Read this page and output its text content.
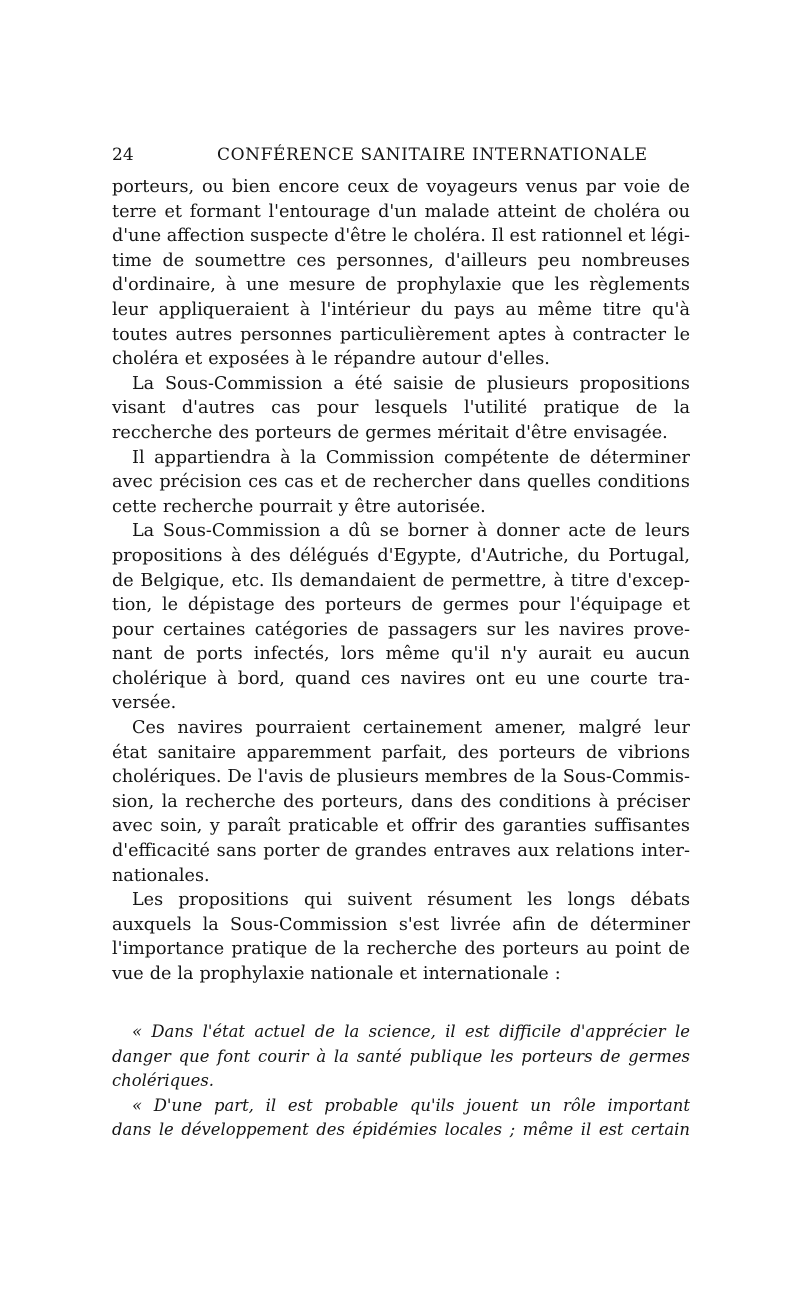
24	CONFÉRENCE SANITAIRE INTERNATIONALE
porteurs, ou bien encore ceux de voyageurs venus par voie de
terre et formant l'entourage d'un malade atteint de choléra ou
d'une affection suspecte d'être le choléra. Il est rationnel et légi-
time de soumettre ces personnes, d'ailleurs peu nombreuses
d'ordinaire, à une mesure de prophylaxie que les règlements
leur appliqueraient à l'intérieur du pays au même titre qu'à
toutes autres personnes particulièrement aptes à contracter le
choléra et exposées à le répandre autour d'elles.
La Sous-Commission a été saisie de plusieurs propositions
visant d'autres cas pour lesquels l'utilité pratique de la
reccherche des porteurs de germes méritait d'être envisagée.
Il appartiendra à la Commission compétente de déterminer
avec précision ces cas et de rechercher dans quelles conditions
cette recherche pourrait y être autorisée.
La Sous-Commission a dû se borner à donner acte de leurs
propositions à des délégués d'Egypte, d'Autriche, du Portugal,
de Belgique, etc. Ils demandaient de permettre, à titre d'excep-
tion, le dépistage des porteurs de germes pour l'équipage et
pour certaines catégories de passagers sur les navires prove-
nant de ports infectés, lors même qu'il n'y aurait eu aucun
cholérique à bord, quand ces navires ont eu une courte tra-
versée.
Ces navires pourraient certainement amener, malgré leur
état sanitaire apparemment parfait, des porteurs de vibrions
cholériques. De l'avis de plusieurs membres de la Sous-Commis-
sion, la recherche des porteurs, dans des conditions à préciser
avec soin, y paraît praticable et offrir des garanties suffisantes
d'efficacité sans porter de grandes entraves aux relations inter-
nationales.
Les propositions qui suivent résument les longs débats
auxquels la Sous-Commission s'est livrée afin de déterminer
l'importance pratique de la recherche des porteurs au point de
vue de la prophylaxie nationale et internationale :
« Dans l'état actuel de la science, il est difficile d'apprécier le
danger que font courir à la santé publique les porteurs de germes
cholériques.
« D'une part, il est probable qu'ils jouent un rôle important
dans le développement des épidémies locales ; même il est certain
